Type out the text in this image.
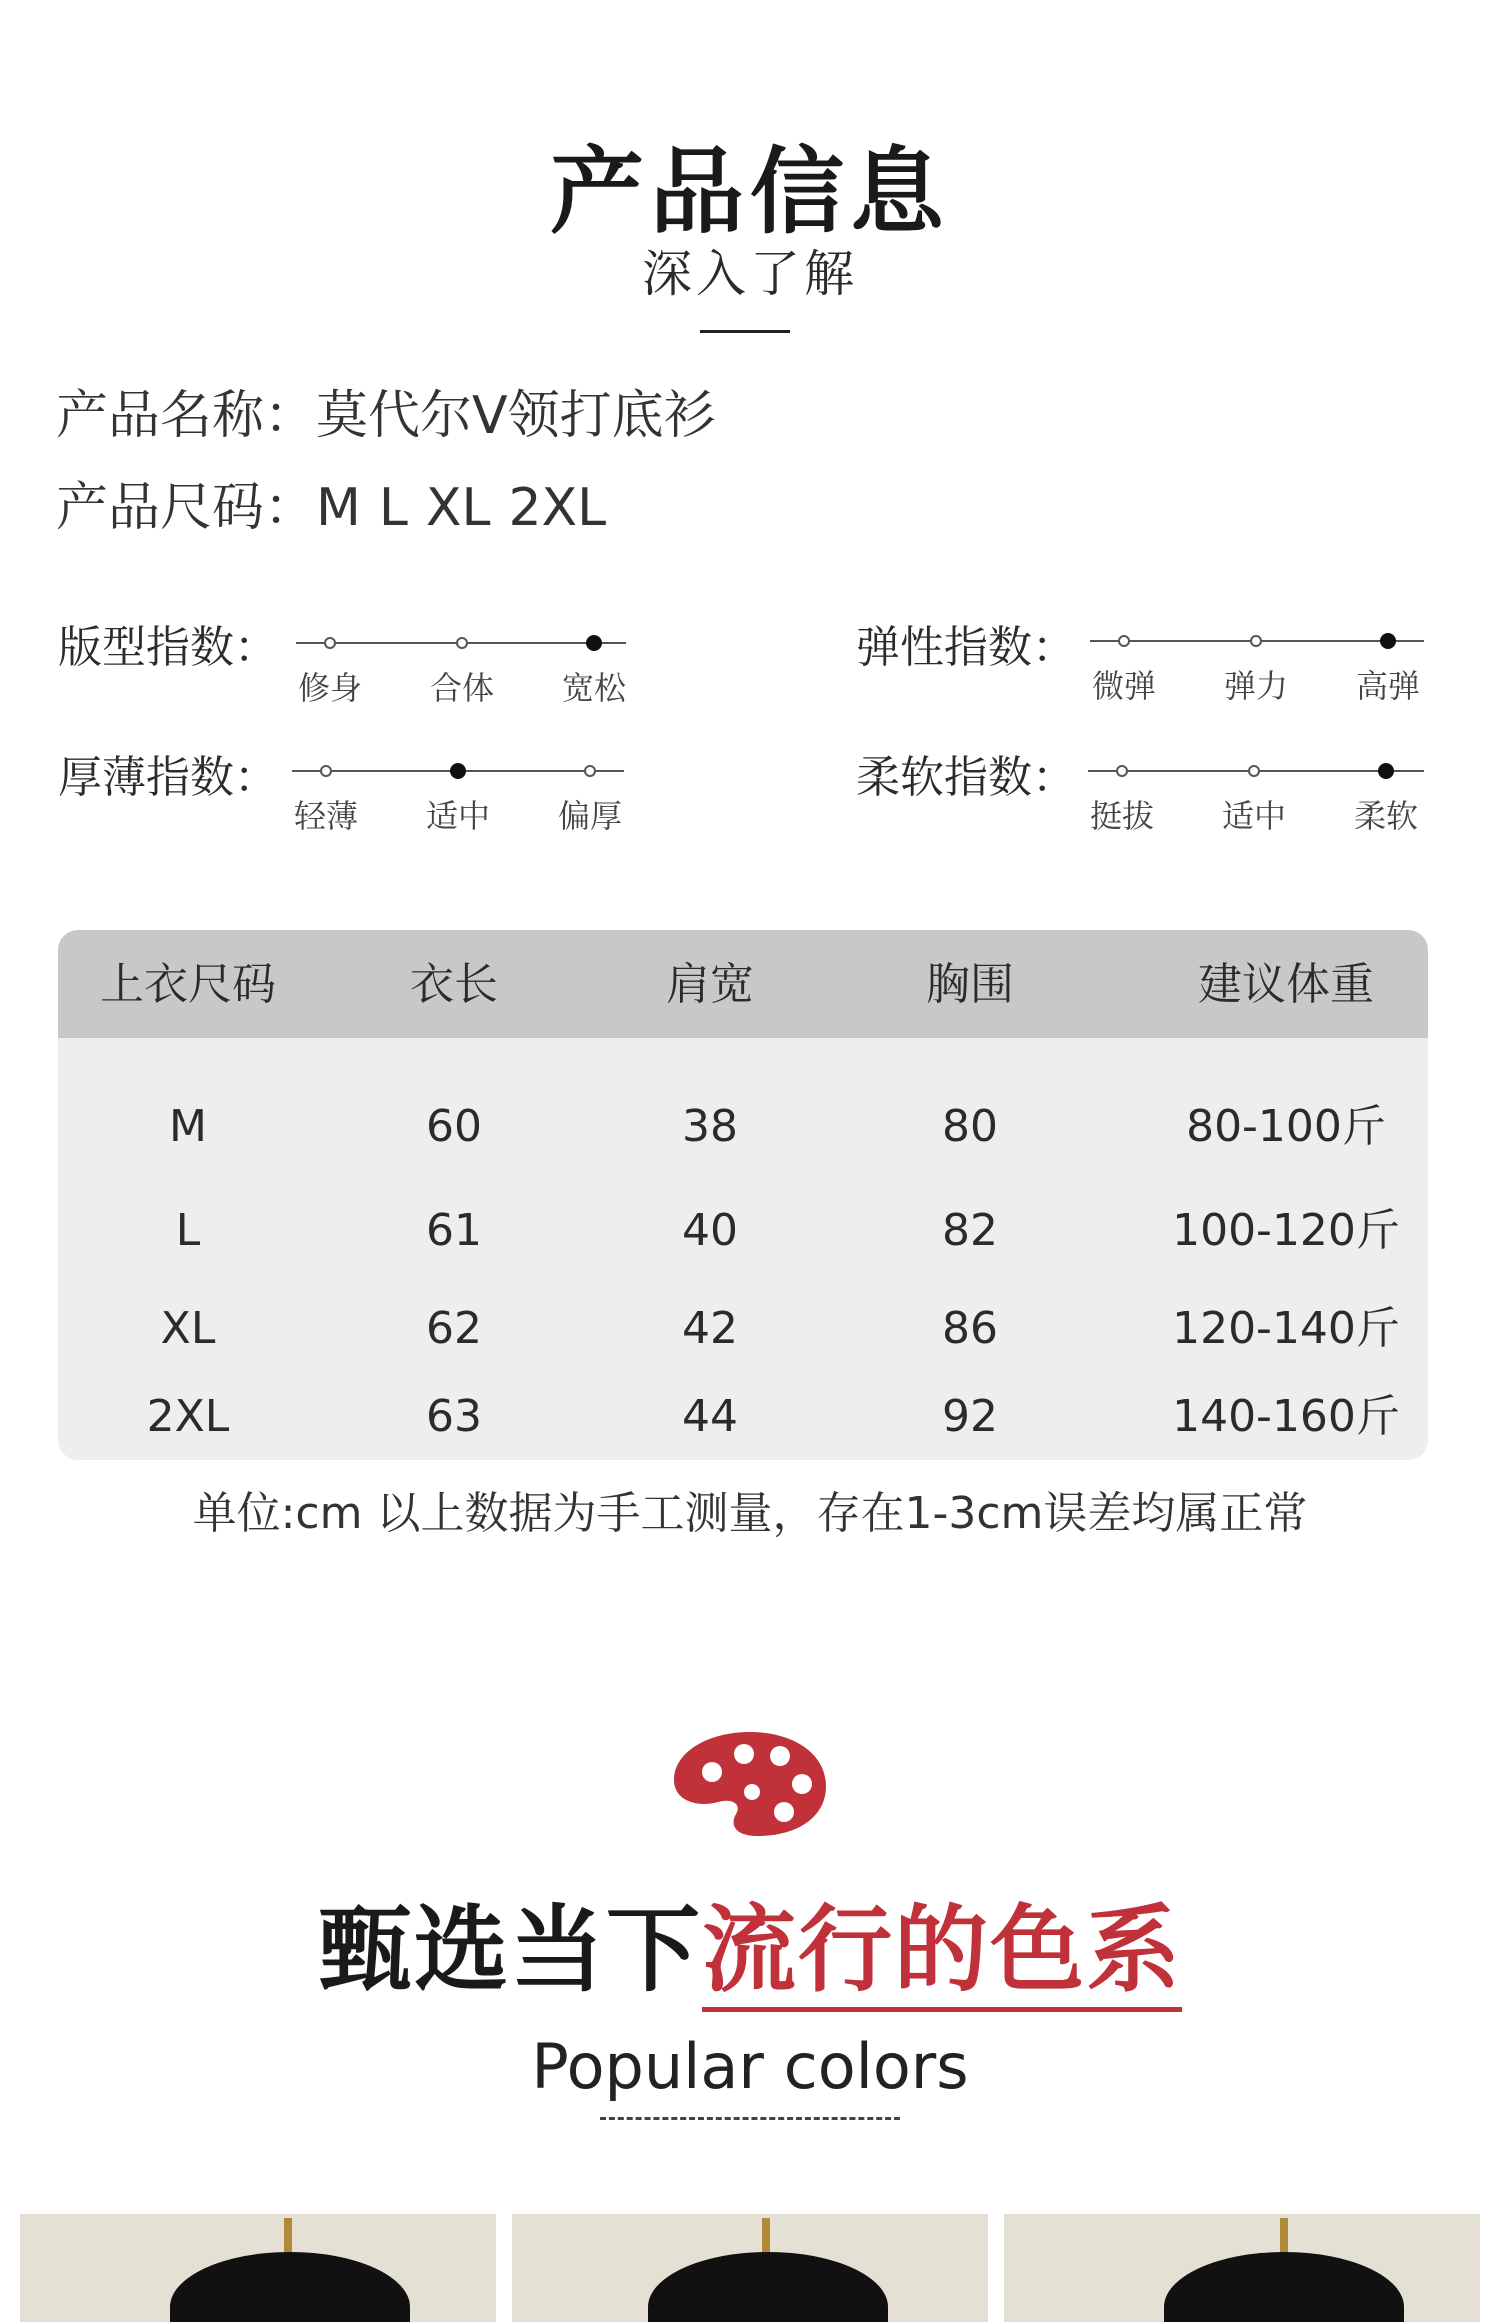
产品信息
深入了解
产品名称：莫代尔V领打底衫
产品尺码：M L XL 2XL
版型指数：
修身 合体 宽松
弹性指数：
微弹 弹力 高弹
厚薄指数：
轻薄 适中 偏厚
柔软指数：
挺拔 适中 柔软
上衣尺码	衣长	肩宽	胸围	建议体重
M	60	38	80	80-100斤
L	61	40	82	100-120斤
XL	62	42	86	120-140斤
2XL	63	44	92	140-160斤
单位:cm 以上数据为手工测量，存在1-3cm误差均属正常
甄选当下流行的色系
Popular colors
